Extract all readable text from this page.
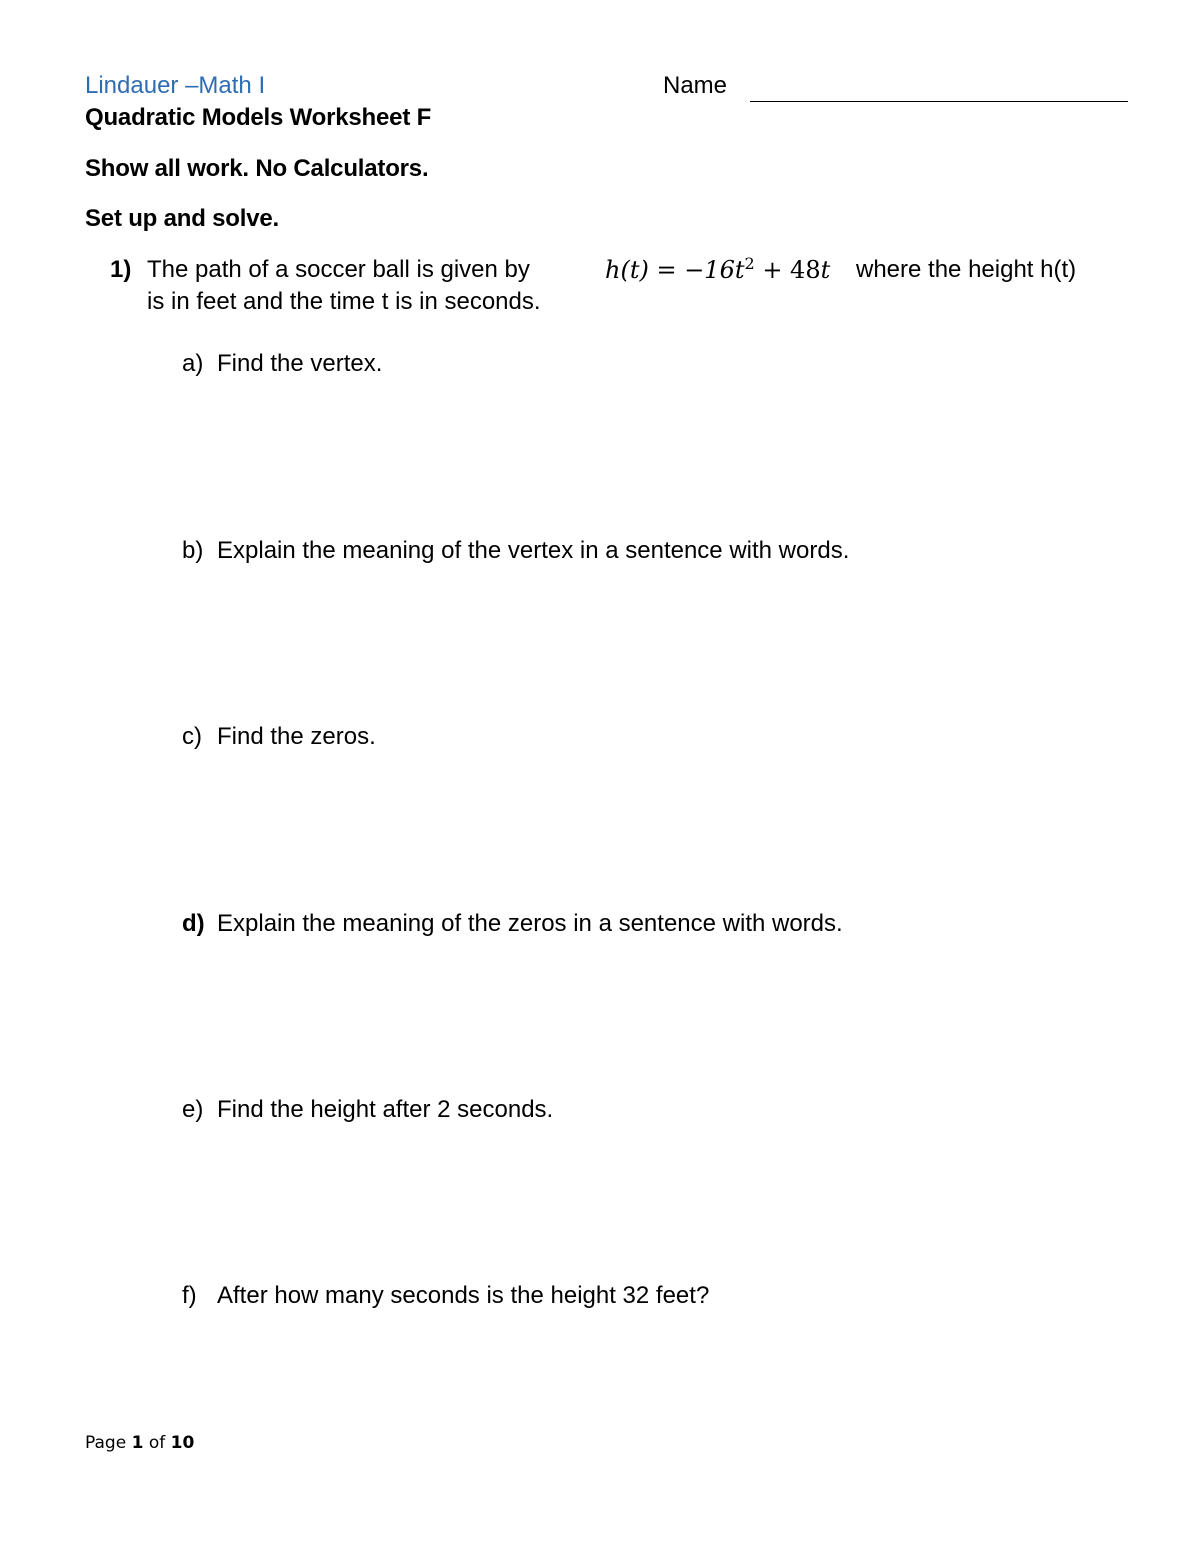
Lindauer –Math I	Name
Quadratic Models Worksheet F
Show all work. No Calculators.
Set up and solve.
1) The path of a soccer ball is given by	$h(t) = -16t^2 + 48t$ where the height h(t)
is in feet and the time t is in seconds.
a) Find the vertex.
b) Explain the meaning of the vertex in a sentence with words.
c) Find the zeros.
d) Explain the meaning of the zeros in a sentence with words.
e) Find the height after 2 seconds.
f) After how many seconds is the height 32 feet?
Page 1 of 10
